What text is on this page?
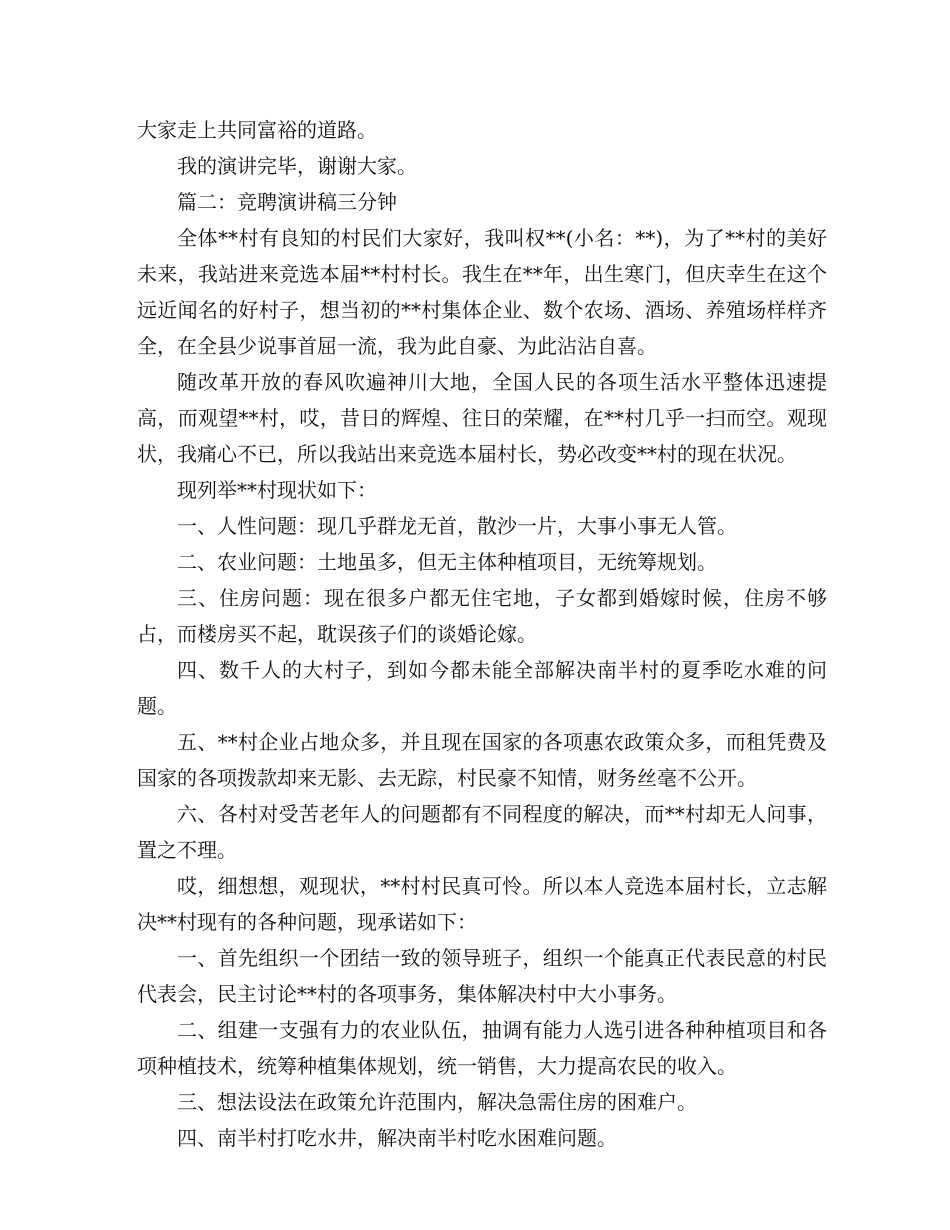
大家走上共同富裕的道路。

我的演讲完毕，谢谢大家。

篇二：竞聘演讲稿三分钟

全体**村有良知的村民们大家好，我叫权**(小名：**)，为了**村的美好未来，我站进来竞选本届**村村长。我生在**年，出生寒门，但庆幸生在这个远近闻名的好村子，想当初的**村集体企业、数个农场、酒场、养殖场样样齐全，在全县少说事首屈一流，我为此自豪、为此沾沾自喜。

随改革开放的春风吹遍神川大地，全国人民的各项生活水平整体迅速提高，而观望**村，哎，昔日的辉煌、往日的荣耀，在**村几乎一扫而空。观现状，我痛心不已，所以我站出来竞选本届村长，势必改变**村的现在状况。

现列举**村现状如下：

一、人性问题：现几乎群龙无首，散沙一片，大事小事无人管。

二、农业问题：土地虽多，但无主体种植项目，无统筹规划。

三、住房问题：现在很多户都无住宅地，子女都到婚嫁时候，住房不够占，而楼房买不起，耽误孩子们的谈婚论嫁。

四、数千人的大村子，到如今都未能全部解决南半村的夏季吃水难的问题。

五、**村企业占地众多，并且现在国家的各项惠农政策众多，而租凭费及国家的各项拨款却来无影、去无踪，村民豪不知情，财务丝毫不公开。

六、各村对受苦老年人的问题都有不同程度的解决，而**村却无人问事，置之不理。

哎，细想想，观现状，**村村民真可怜。所以本人竞选本届村长，立志解决**村现有的各种问题，现承诺如下：

一、首先组织一个团结一致的领导班子，组织一个能真正代表民意的村民代表会，民主讨论**村的各项事务，集体解决村中大小事务。

二、组建一支强有力的农业队伍，抽调有能力人选引进各种种植项目和各项种植技术，统筹种植集体规划，统一销售，大力提高农民的收入。

三、想法设法在政策允许范围内，解决急需住房的困难户。

四、南半村打吃水井，解决南半村吃水困难问题。
